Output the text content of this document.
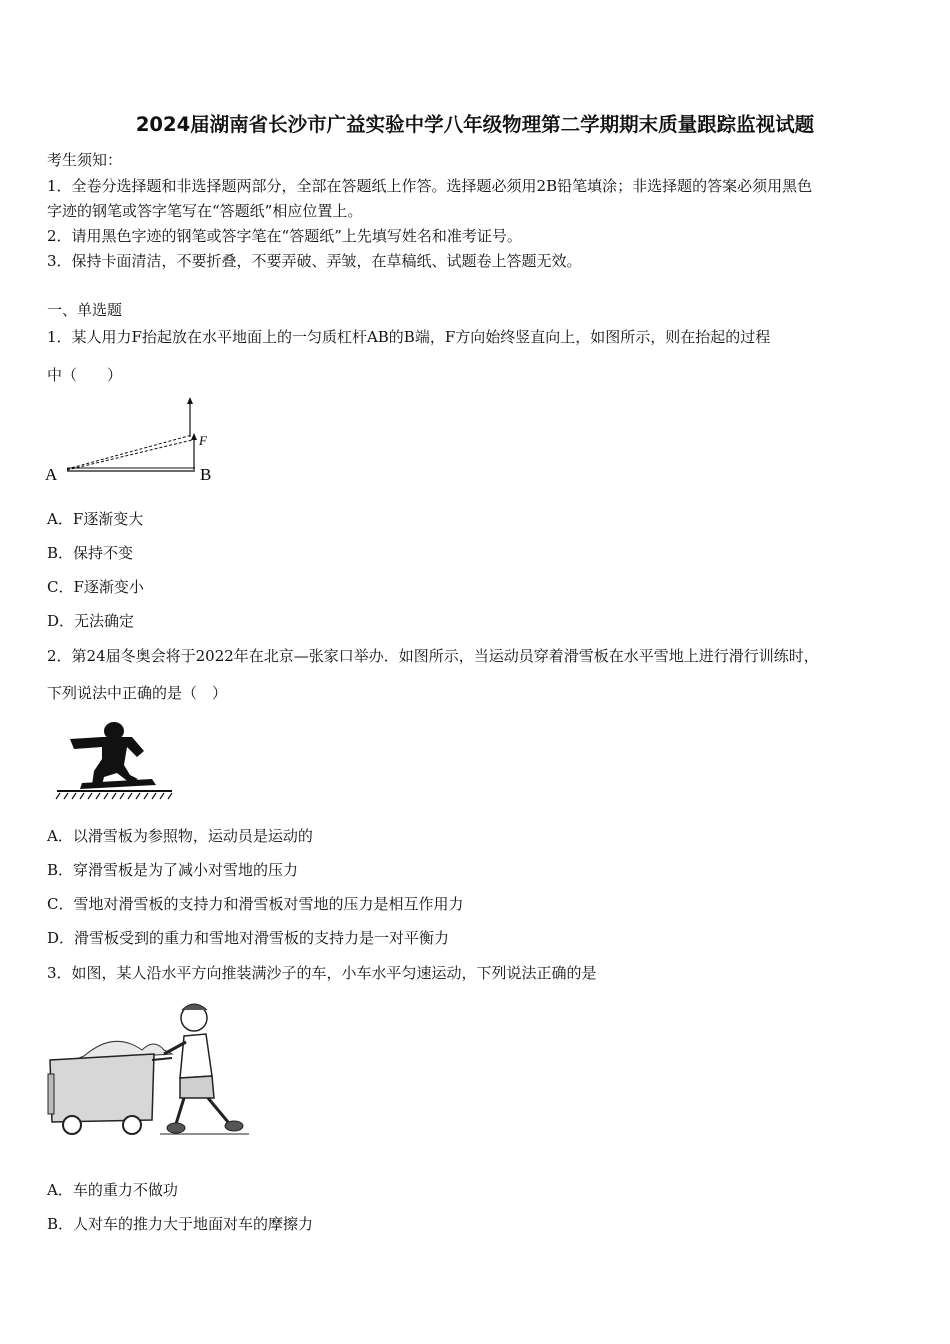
2024届湖南省长沙市广益实验中学八年级物理第二学期期末质量跟踪监视试题
考生须知：
1．全卷分选择题和非选择题两部分，全部在答题纸上作答。选择题必须用2B铅笔填涂；非选择题的答案必须用黑色
字迹的钢笔或答字笔写在“答题纸”相应位置上。
2．请用黑色字迹的钢笔或答字笔在“答题纸”上先填写姓名和准考证号。
3．保持卡面清洁，不要折叠，不要弄破、弄皱，在草稿纸、试题卷上答题无效。
一、单选题
1．某人用力F抬起放在水平地面上的一匀质杠杆AB的B端，F方向始终竖直向上，如图所示，则在抬起的过程
中（　　）
A	B
F
A．F逐渐变大
B．保持不变
C．F逐渐变小
D．无法确定
2．第24届冬奥会将于2022年在北京—张家口举办．如图所示，当运动员穿着滑雪板在水平雪地上进行滑行训练时，
下列说法中正确的是（　）
A．以滑雪板为参照物，运动员是运动的
B．穿滑雪板是为了减小对雪地的压力
C．雪地对滑雪板的支持力和滑雪板对雪地的压力是相互作用力
D．滑雪板受到的重力和雪地对滑雪板的支持力是一对平衡力
3．如图，某人沿水平方向推装满沙子的车，小车水平匀速运动，下列说法正确的是
A．车的重力不做功
B．人对车的推力大于地面对车的摩擦力
